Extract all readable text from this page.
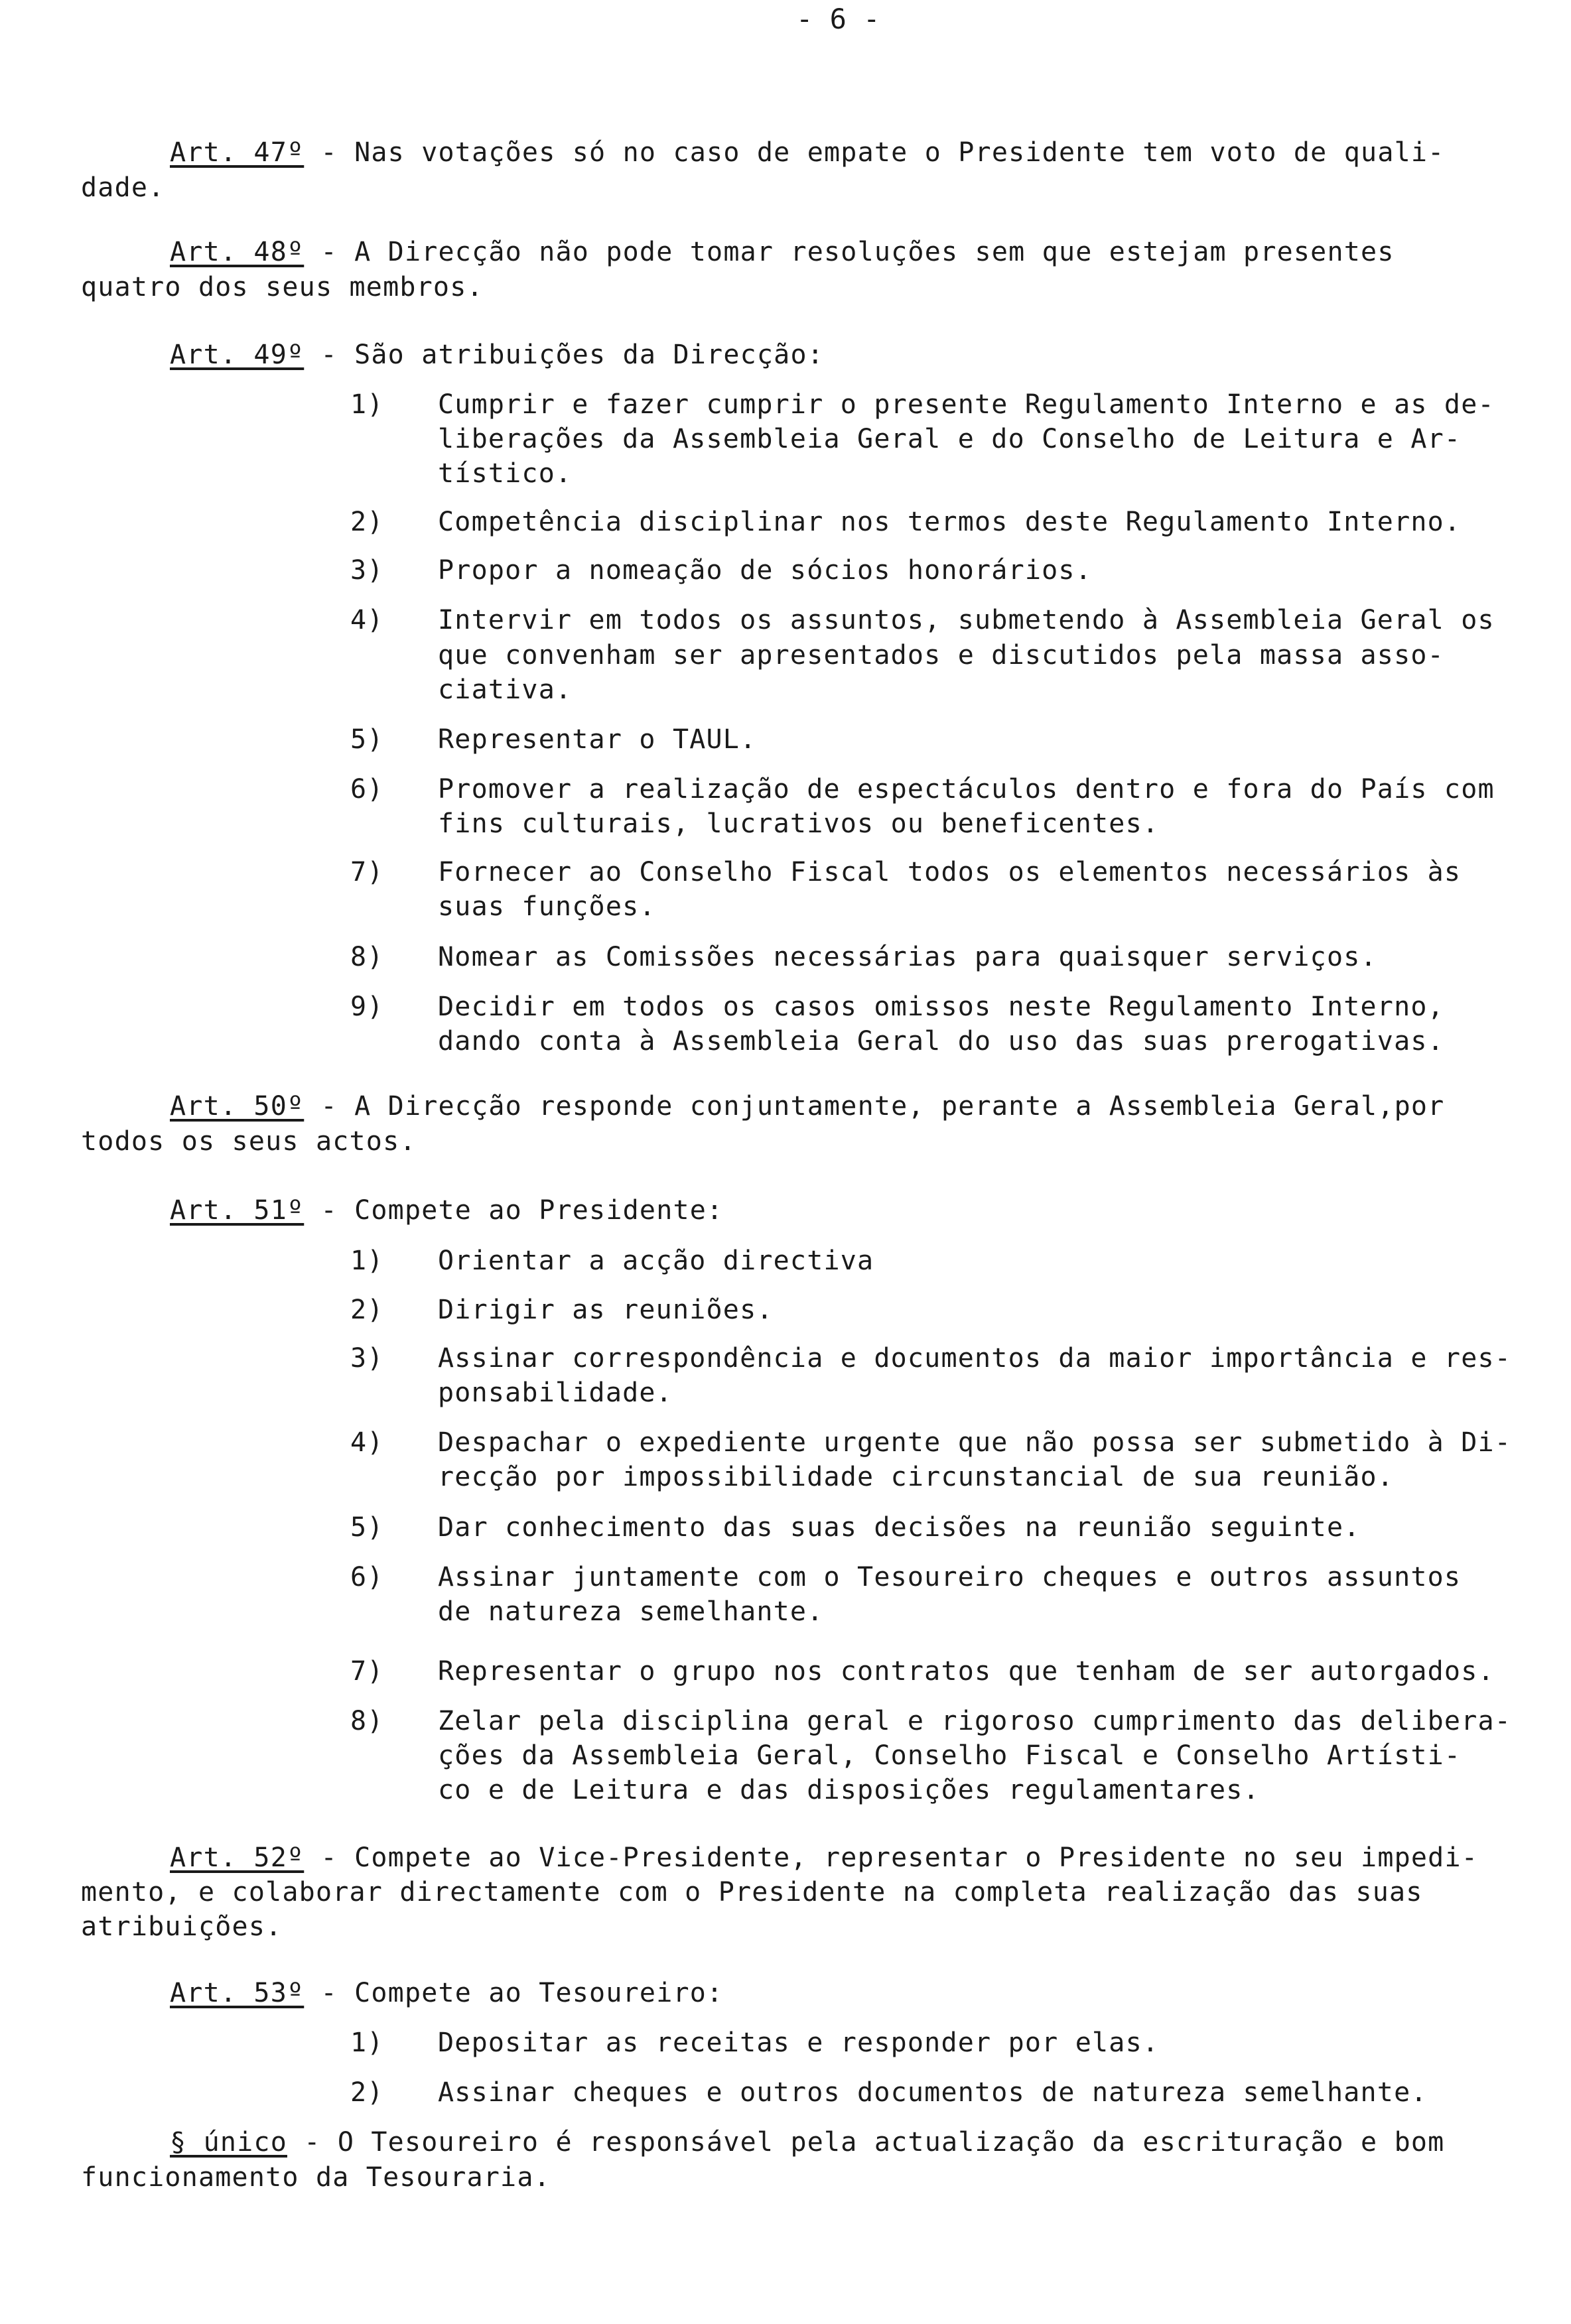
- 6 -
Art. 47º - Nas votações só no caso de empate o Presidente tem voto de quali-
dade.
Art. 48º - A Direcção não pode tomar resoluções sem que estejam presentes
quatro dos seus membros.
Art. 49º - São atribuições da Direcção:
1) Cumprir e fazer cumprir o presente Regulamento Interno e as de-
liberações da Assembleia Geral e do Conselho de Leitura e Ar-
tístico.
2) Competência disciplinar nos termos deste Regulamento Interno.
3) Propor a nomeação de sócios honorários.
4) Intervir em todos os assuntos, submetendo à Assembleia Geral os
que convenham ser apresentados e discutidos pela massa asso-
ciativa.
5) Representar o TAUL.
6) Promover a realização de espectáculos dentro e fora do País com
fins culturais, lucrativos ou beneficentes.
7) Fornecer ao Conselho Fiscal todos os elementos necessários às
suas funções.
8) Nomear as Comissões necessárias para quaisquer serviços.
9) Decidir em todos os casos omissos neste Regulamento Interno,
dando conta à Assembleia Geral do uso das suas prerogativas.
Art. 50º - A Direcção responde conjuntamente, perante a Assembleia Geral,por
todos os seus actos.
Art. 51º - Compete ao Presidente:
1) Orientar a acção directiva
2) Dirigir as reuniões.
3) Assinar correspondência e documentos da maior importância e res-
ponsabilidade.
4) Despachar o expediente urgente que não possa ser submetido à Di-
recção por impossibilidade circunstancial de sua reunião.
5) Dar conhecimento das suas decisões na reunião seguinte.
6) Assinar juntamente com o Tesoureiro cheques e outros assuntos
de natureza semelhante.
7) Representar o grupo nos contratos que tenham de ser autorgados.
8) Zelar pela disciplina geral e rigoroso cumprimento das delibera-
ções da Assembleia Geral, Conselho Fiscal e Conselho Artísti-
co e de Leitura e das disposições regulamentares.
Art. 52º - Compete ao Vice-Presidente, representar o Presidente no seu impedi-
mento, e colaborar directamente com o Presidente na completa realização das suas
atribuições.
Art. 53º - Compete ao Tesoureiro:
1) Depositar as receitas e responder por elas.
2) Assinar cheques e outros documentos de natureza semelhante.
§ único - O Tesoureiro é responsável pela actualização da escrituração e bom
funcionamento da Tesouraria.
